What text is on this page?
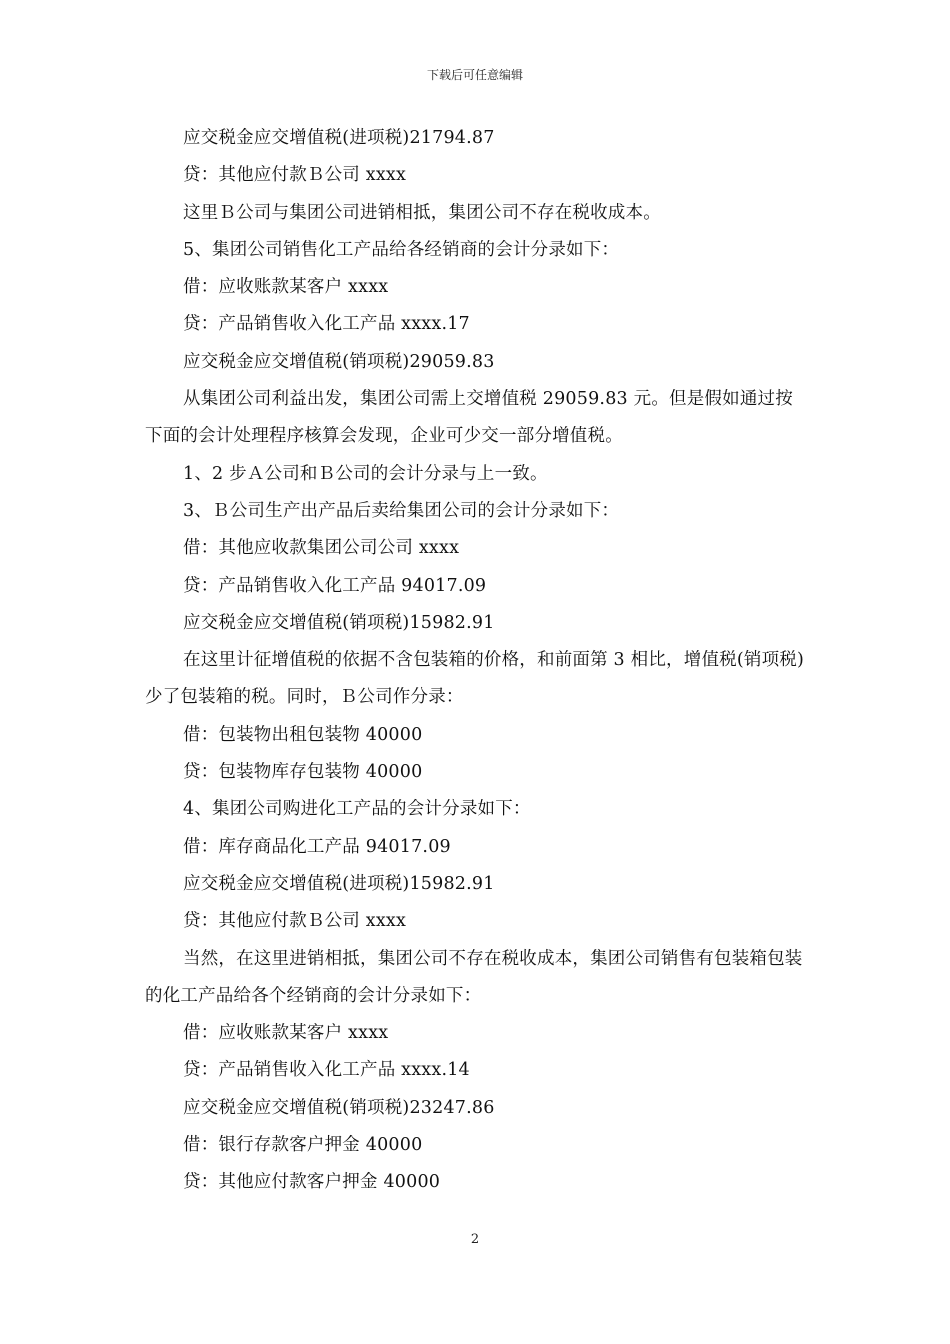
下载后可任意编辑

应交税金应交增值税(进项税)21794.87

贷：其他应付款Ｂ公司 xxxx

这里Ｂ公司与集团公司进销相抵，集团公司不存在税收成本。

5、集团公司销售化工产品给各经销商的会计分录如下：

借：应收账款某客户 xxxx

贷：产品销售收入化工产品 xxxx.17

应交税金应交增值税(销项税)29059.83

从集团公司利益出发，集团公司需上交增值税 29059.83 元。但是假如通过按下面的会计处理程序核算会发现，企业可少交一部分增值税。

1、2 步Ａ公司和Ｂ公司的会计分录与上一致。

3、Ｂ公司生产出产品后卖给集团公司的会计分录如下：

借：其他应收款集团公司公司 xxxx

贷：产品销售收入化工产品 94017.09

应交税金应交增值税(销项税)15982.91

在这里计征增值税的依据不含包装箱的价格，和前面第 3 相比，增值税(销项税)少了包装箱的税。同时，Ｂ公司作分录：

借：包装物出租包装物 40000

贷：包装物库存包装物 40000

4、集团公司购进化工产品的会计分录如下：

借：库存商品化工产品 94017.09

应交税金应交增值税(进项税)15982.91

贷：其他应付款Ｂ公司 xxxx

当然，在这里进销相抵，集团公司不存在税收成本，集团公司销售有包装箱包装的化工产品给各个经销商的会计分录如下：

借：应收账款某客户 xxxx

贷：产品销售收入化工产品 xxxx.14

应交税金应交增值税(销项税)23247.86

借：银行存款客户押金 40000

贷：其他应付款客户押金 40000

2
